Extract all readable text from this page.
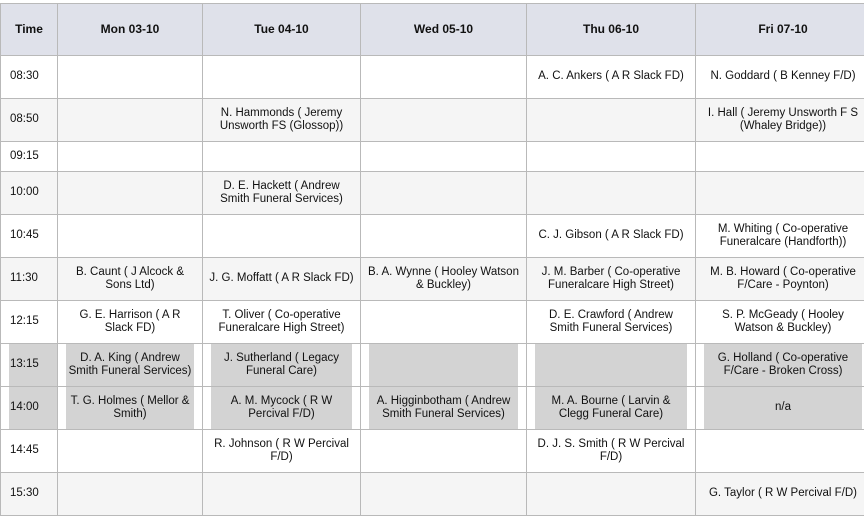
Time	Mon 03-10	Tue 04-10	Wed 05-10	Thu 06-10	Fri 07-10
08:30				A. C. Ankers ( A R Slack FD)	N. Goddard ( B Kenney F/D)
08:50		N. Hammonds ( Jeremy Unsworth FS (Glossop))			I. Hall ( Jeremy Unsworth F S (Whaley Bridge))
09:15					
10:00		D. E. Hackett ( Andrew Smith Funeral Services)			
10:45				C. J. Gibson ( A R Slack FD)	M. Whiting ( Co-operative Funeralcare (Handforth))
11:30	B. Caunt ( J Alcock & Sons Ltd)	J. G. Moffatt ( A R Slack FD)	B. A. Wynne ( Hooley Watson & Buckley)	J. M. Barber ( Co-operative Funeralcare High Street)	M. B. Howard ( Co-operative F/Care - Poynton)
12:15	G. E. Harrison ( A R Slack FD)	T. Oliver ( Co-operative Funeralcare High Street)		D. E. Crawford ( Andrew Smith Funeral Services)	S. P. McGeady ( Hooley Watson & Buckley)

13:15	D. A. King ( Andrew Smith Funeral Services)	J. Sutherland ( Legacy Funeral Care)			G. Holland ( Co-operative F/Care - Broken Cross)

14:00	T. G. Holmes ( Mellor & Smith)	A. M. Mycock ( R W Percival F/D)	A. Higginbotham ( Andrew Smith Funeral Services)	M. A. Bourne ( Larvin & Clegg Funeral Care)	n/a

14:45		R. Johnson ( R W Percival F/D)		D. J. S. Smith ( R W Percival F/D)	
15:30					G. Taylor ( R W Percival F/D)
